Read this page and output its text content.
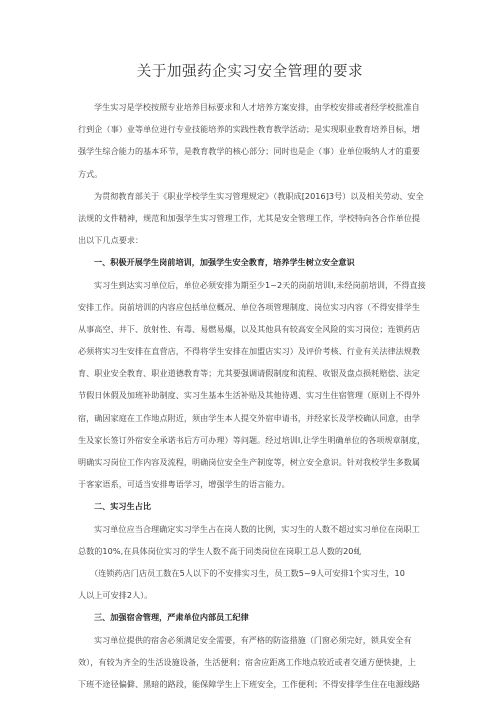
关于加强药企实习安全管理的要求
学生实习是学校按照专业培养目标要求和人才培养方案安排，由学校安排或者经学校批准自
行到企（事）业等单位进行专业技能培养的实践性教育教学活动；是实现职业教育培养目标，增
强学生综合能力的基本环节，是教育教学的核心部分；同时也是企（事）业单位吸纳人才的重要
方式。
为贯彻教育部关于《职业学校学生实习管理规定》（教职成[2016]3号）以及相关劳动、安全
法规的文件精神，规范和加强学生实习管理工作，尤其是安全管理工作，学校特向各合作单位提
出以下几点要求：
一、积极开展学生岗前培训，加强学生安全教育，培养学生树立安全意识
实习生到达实习单位后，单位必须安排为期至少1~2天的岗前培训I,未经岗前培训，不得直接
安排工作。岗前培训的内容应包括单位概况、单位各项管理制度、岗位实习内容（不得安排学生
从事高空、井下、放射性、有毒、易燃易爆，以及其他具有较高安全风险的实习岗位；连锁药店
必须将实习生安排在直营店，不得将学生安排在加盟店实习）及评价考核、行业有关法律法规教
育、职业安全教育、职业道德教育等；尤其要强调请假制度和流程、收银及盘点损耗赔偿、法定
节假日休假及加班补助制度、实习生基本生活补贴及其他待遇、实习生住宿管理（原则上不得外
宿，确因家庭在工作地点附近，须由学生本人提交外宿申请书，并经家长及学校确认同意，由学
生及家长签订外宿安全承诺书后方可办理）等问题。经过培训I,让学生明确单位的各项规章制度，
明确实习岗位工作内容及流程，明确岗位安全生产制度等，树立安全意识。针对我校学生多数属
于客家语系，可适当安排粤语学习，增强学生的语言能力。
二、实习生占比
实习单位应当合理确定实习学生占在岗人数的比例，实习生的人数不超过实习单位在岗职工
总数的10%,在具体岗位实习的学生人数不高于同类岗位在岗职工总人数的20虬
（连锁药店门店员工数在5人以下的不安排实习生，员工数5~9人可安排1个实习生，10
人以上可安排2人）。
三、加强宿舍管理，严肃单位内部员工纪律
实习单位提供的宿舍必须满足安全需要，有严格的防盗措施（门窗必须完好，锁具安全有
效），有较为齐全的生活设施设备，生活便利；宿舍应距离工作地点较近或者交通方便快捷，上
下班不途径偏僻、黑暗的路段，能保障学生上下班安全，工作便利；不得安排学生住在电源线路
